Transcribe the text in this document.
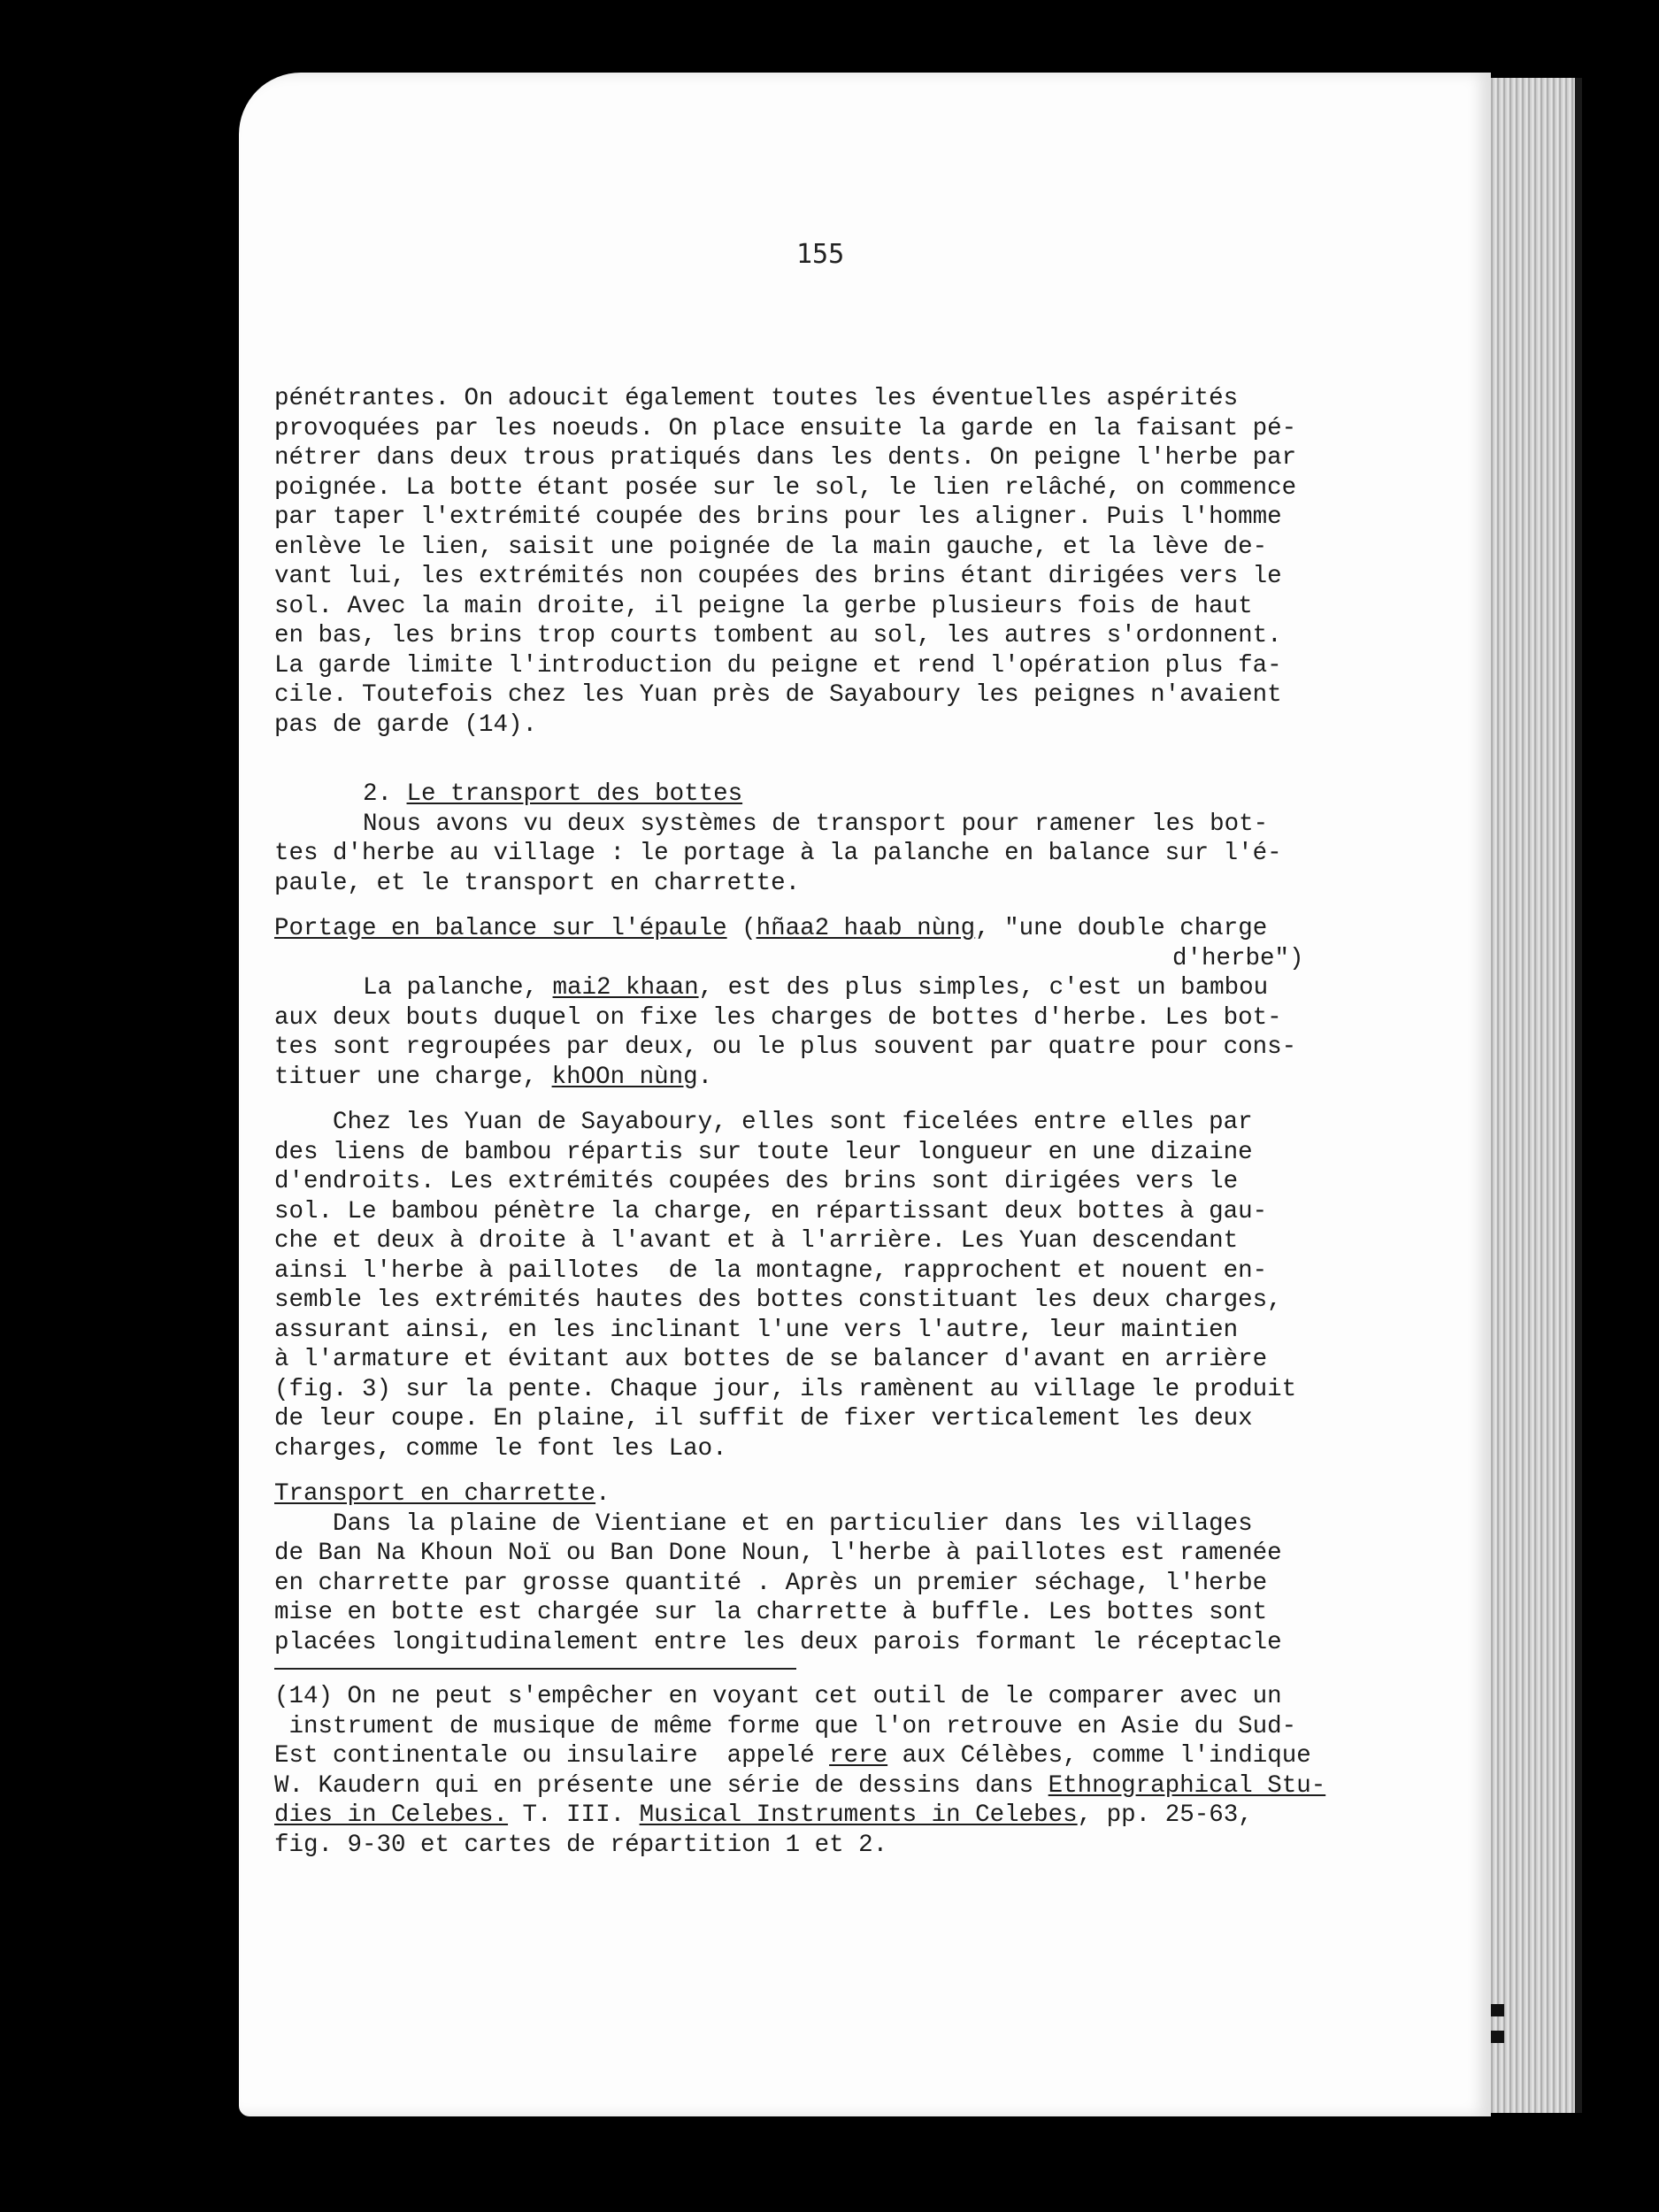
155
pénétrantes. On adoucit également toutes les éventuelles aspérités
provoquées par les noeuds. On place ensuite la garde en la faisant pé-
nétrer dans deux trous pratiqués dans les dents. On peigne l'herbe par
poignée. La botte étant posée sur le sol, le lien relâché, on commence
par taper l'extrémité coupée des brins pour les aligner. Puis l'homme
enlève le lien, saisit une poignée de la main gauche, et la lève de-
vant lui, les extrémités non coupées des brins étant dirigées vers le
sol. Avec la main droite, il peigne la gerbe plusieurs fois de haut
en bas, les brins trop courts tombent au sol, les autres s'ordonnent.
La garde limite l'introduction du peigne et rend l'opération plus fa-
cile. Toutefois chez les Yuan près de Sayaboury les peignes n'avaient
pas de garde (14).
2. Le transport des bottes
Nous avons vu deux systèmes de transport pour ramener les bot-
tes d'herbe au village : le portage à la palanche en balance sur l'é-
paule, et le transport en charrette.
Portage en balance sur l'épaule (hñaa2 haab nùng, "une double charge
d'herbe")
La palanche, mai2 khaan, est des plus simples, c'est un bambou
aux deux bouts duquel on fixe les charges de bottes d'herbe. Les bot-
tes sont regroupées par deux, ou le plus souvent par quatre pour cons-
tituer une charge, khOOn nùng.
Chez les Yuan de Sayaboury, elles sont ficelées entre elles par
des liens de bambou répartis sur toute leur longueur en une dizaine
d'endroits. Les extrémités coupées des brins sont dirigées vers le
sol. Le bambou pénètre la charge, en répartissant deux bottes à gau-
che et deux à droite à l'avant et à l'arrière. Les Yuan descendant
ainsi l'herbe à paillotes  de la montagne, rapprochent et nouent en-
semble les extrémités hautes des bottes constituant les deux charges,
assurant ainsi, en les inclinant l'une vers l'autre, leur maintien
à l'armature et évitant aux bottes de se balancer d'avant en arrière
(fig. 3) sur la pente. Chaque jour, ils ramènent au village le produit
de leur coupe. En plaine, il suffit de fixer verticalement les deux
charges, comme le font les Lao.
Transport en charrette.
Dans la plaine de Vientiane et en particulier dans les villages
de Ban Na Khoun Noï ou Ban Done Noun, l'herbe à paillotes est ramenée
en charrette par grosse quantité . Après un premier séchage, l'herbe
mise en botte est chargée sur la charrette à buffle. Les bottes sont
placées longitudinalement entre les deux parois formant le réceptacle
(14) On ne peut s'empêcher en voyant cet outil de le comparer avec un
instrument de musique de même forme que l'on retrouve en Asie du Sud-
Est continentale ou insulaire  appelé rere aux Célèbes, comme l'indique
W. Kaudern qui en présente une série de dessins dans Ethnographical Stu-
dies in Celebes. T. III. Musical Instruments in Celebes, pp. 25-63,
fig. 9-30 et cartes de répartition 1 et 2.
